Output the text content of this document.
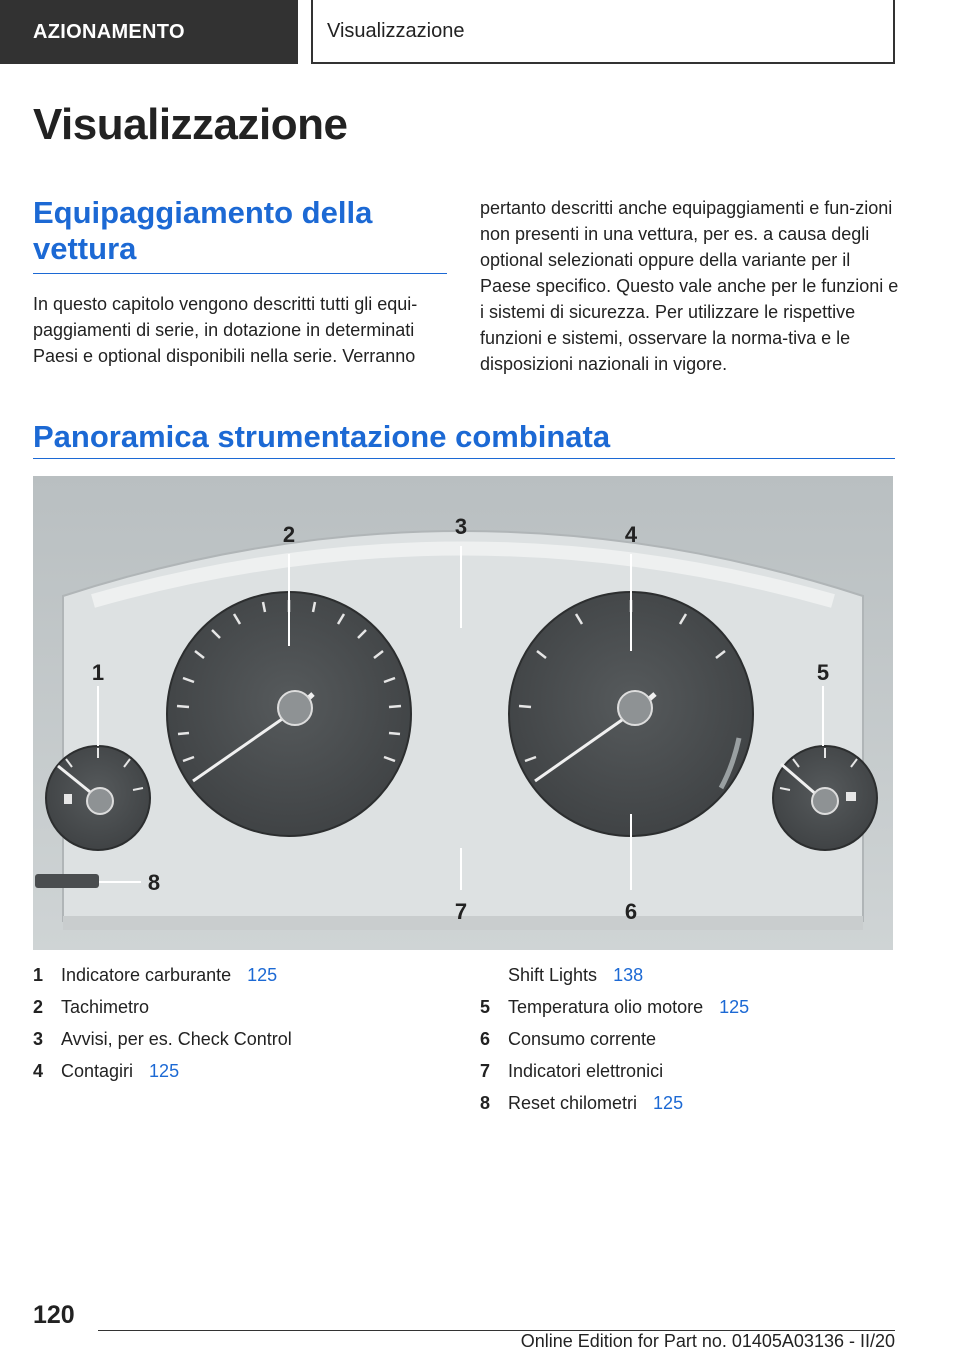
AZIONAMENTO	Visualizzazione
Visualizzazione
Equipaggiamento della vettura

In questo capitolo vengono descritti tutti gli equi-paggiamenti di serie, in dotazione in determinati Paesi e optional disponibili nella serie. Verranno

pertanto descritti anche equipaggiamenti e fun-zioni non presenti in una vettura, per es. a causa degli optional selezionati oppure della variante per il Paese specifico. Questo vale anche per le funzioni e i sistemi di sicurezza. Per utilizzare le rispettive funzioni e sistemi, osservare la norma-tiva e le disposizioni nazionali in vigore.

Panoramica strumentazione combinata
1
2	3	4
5
6
7
8
1 Indicatore carburante 125
2 Tachimetro
3 Avvisi, per es. Check Control
4 Contagiri 125
Shift Lights 138
5 Temperatura olio motore 125
6 Consumo corrente
7 Indicatori elettronici
8 Reset chilometri 125
120
Online Edition for Part no. 01405A03136 - II/20
